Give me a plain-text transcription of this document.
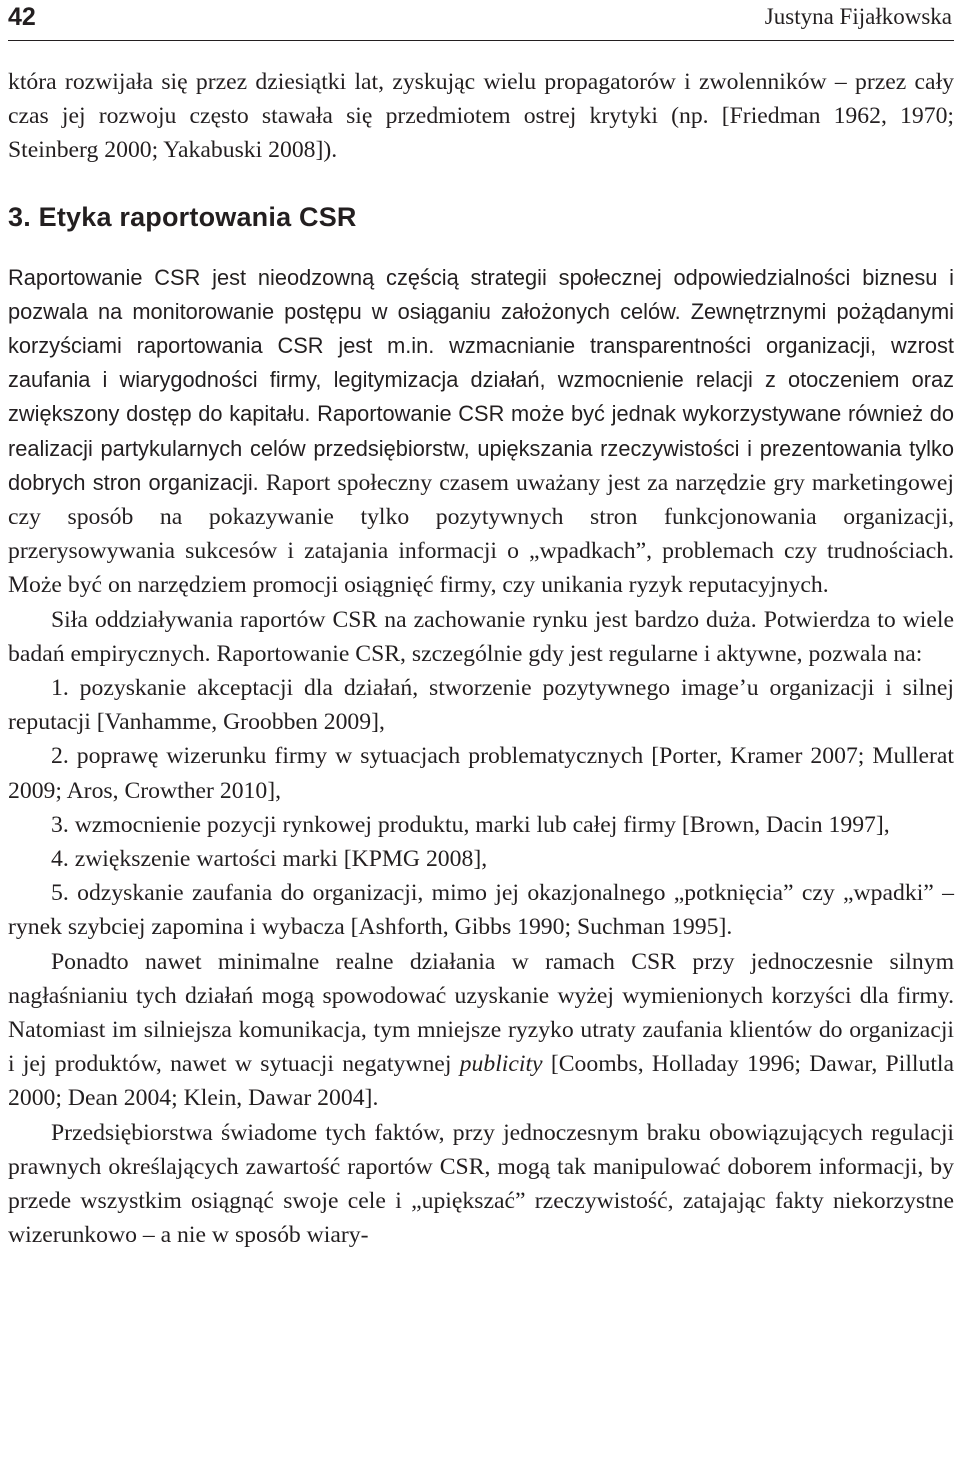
42	Justyna Fijałkowska

która rozwijała się przez dziesiątki lat, zyskując wielu propagatorów i zwolenników – przez cały czas jej rozwoju często stawała się przedmiotem ostrej krytyki (np. [Friedman 1962, 1970; Steinberg 2000; Yakabuski 2008]).

3. Etyka raportowania CSR

Raportowanie CSR jest nieodzowną częścią strategii społecznej odpowiedzialności biznesu i pozwala na monitorowanie postępu w osiąganiu założonych celów. Zewnętrznymi pożądanymi korzyściami raportowania CSR jest m.in. wzmacnianie transparentności organizacji, wzrost zaufania i wiarygodności firmy, legitymizacja działań, wzmocnienie relacji z otoczeniem oraz zwiększony dostęp do kapitału. Raportowanie CSR może być jednak wykorzystywane również do realizacji partykularnych celów przedsiębiorstw, upiększania rzeczywistości i prezentowania tylko dobrych stron organizacji. Raport społeczny czasem uważany jest za narzędzie gry marketingowej czy sposób na pokazywanie tylko pozytywnych stron funkcjonowania organizacji, przerysowywania sukcesów i zatajania informacji o „wpadkach”, problemach czy trudnościach. Może być on narzędziem promocji osiągnięć firmy, czy unikania ryzyk reputacyjnych.

Siła oddziaływania raportów CSR na zachowanie rynku jest bardzo duża. Potwierdza to wiele badań empirycznych. Raportowanie CSR, szczególnie gdy jest regularne i aktywne, pozwala na:

1. pozyskanie akceptacji dla działań, stworzenie pozytywnego image’u organizacji i silnej reputacji [Vanhamme, Groobben 2009],

2. poprawę wizerunku firmy w sytuacjach problematycznych [Porter, Kramer 2007; Mullerat 2009; Aros, Crowther 2010],

3. wzmocnienie pozycji rynkowej produktu, marki lub całej firmy [Brown, Dacin 1997],

4. zwiększenie wartości marki [KPMG 2008],

5. odzyskanie zaufania do organizacji, mimo jej okazjonalnego „potknięcia” czy „wpadki” – rynek szybciej zapomina i wybacza [Ashforth, Gibbs 1990; Suchman 1995].

Ponadto nawet minimalne realne działania w ramach CSR przy jednoczesnie silnym nagłaśnianiu tych działań mogą spowodować uzyskanie wyżej wymienionych korzyści dla firmy. Natomiast im silniejsza komunikacja, tym mniejsze ryzyko utraty zaufania klientów do organizacji i jej produktów, nawet w sytuacji negatywnej publicity [Coombs, Holladay 1996; Dawar, Pillutla 2000; Dean 2004; Klein, Dawar 2004].

Przedsiębiorstwa świadome tych faktów, przy jednoczesnym braku obowiązujących regulacji prawnych określających zawartość raportów CSR, mogą tak manipulować doborem informacji, by przede wszystkim osiągnąć swoje cele i „upiększać” rzeczywistość, zatajając fakty niekorzystne wizerunkowo – a nie w sposób wiary-
